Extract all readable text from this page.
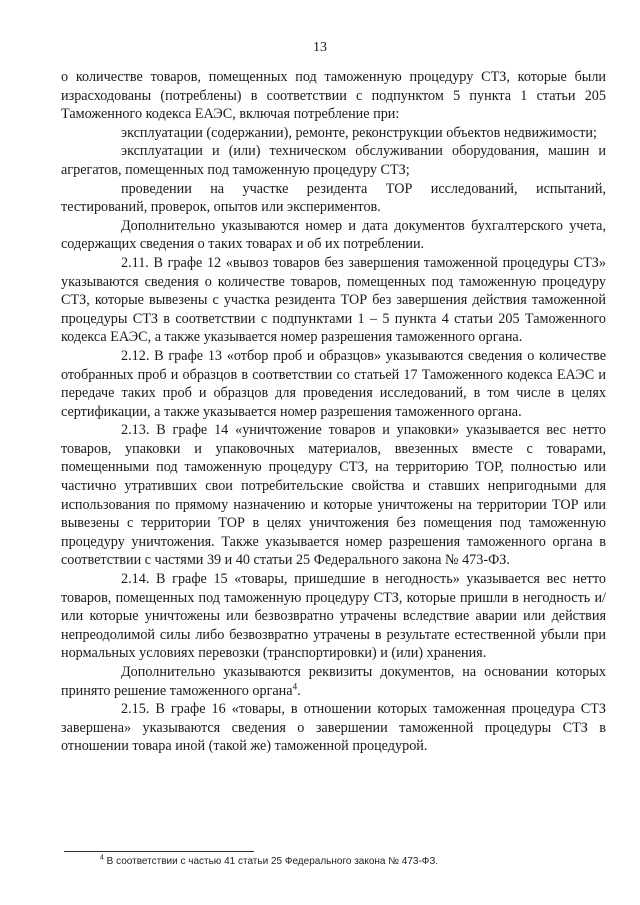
13

о количестве товаров, помещенных под таможенную процедуру СТЗ, которые были израсходованы (потреблены) в соответствии с подпунктом 5 пункта 1 статьи 205 Таможенного кодекса ЕАЭС, включая потребление при:

эксплуатации (содержании), ремонте, реконструкции объектов недвижимости;

эксплуатации и (или) техническом обслуживании оборудования, машин и агрегатов, помещенных под таможенную процедуру СТЗ;

проведении на участке резидента ТОР исследований, испытаний, тестирований, проверок, опытов или экспериментов.

Дополнительно указываются номер и дата документов бухгалтерского учета, содержащих сведения о таких товарах и об их потреблении.

2.11. В графе 12 «вывоз товаров без завершения таможенной процедуры СТЗ» указываются сведения о количестве товаров, помещенных под таможенную процедуру СТЗ, которые вывезены с участка резидента ТОР без завершения действия таможенной процедуры СТЗ в соответствии с подпунктами 1 – 5 пункта 4 статьи 205 Таможенного кодекса ЕАЭС, а также указывается номер разрешения таможенного органа.

2.12. В графе 13 «отбор проб и образцов» указываются сведения о количестве отобранных проб и образцов в соответствии со статьей 17 Таможенного кодекса ЕАЭС и передаче таких проб и образцов для проведения исследований, в том числе в целях сертификации, а также указывается номер разрешения таможенного органа.

2.13. В графе 14 «уничтожение товаров и упаковки» указывается вес нетто товаров, упаковки и упаковочных материалов, ввезенных вместе с товарами, помещенными под таможенную процедуру СТЗ, на территорию ТОР, полностью или частично утративших свои потребительские свойства и ставших непригодными для использования по прямому назначению и которые уничтожены на территории ТОР или вывезены с территории ТОР в целях уничтожения без помещения под таможенную процедуру уничтожения. Также указывается номер разрешения таможенного органа в соответствии с частями 39 и 40 статьи 25 Федерального закона № 473-ФЗ.

2.14. В графе 15 «товары, пришедшие в негодность» указывается вес нетто товаров, помещенных под таможенную процедуру СТЗ, которые пришли в негодность и/или которые уничтожены или безвозвратно утрачены вследствие аварии или действия непреодолимой силы либо безвозвратно утрачены в результате естественной убыли при нормальных условиях перевозки (транспортировки) и (или) хранения.

Дополнительно указываются реквизиты документов, на основании которых принято решение таможенного органа$^4$.

2.15. В графе 16 «товары, в отношении которых таможенная процедура СТЗ завершена» указываются сведения о завершении таможенной процедуры СТЗ в отношении товара иной (такой же) таможенной процедурой.

$^4$ В соответствии с частью 41 статьи 25 Федерального закона № 473-ФЗ.
